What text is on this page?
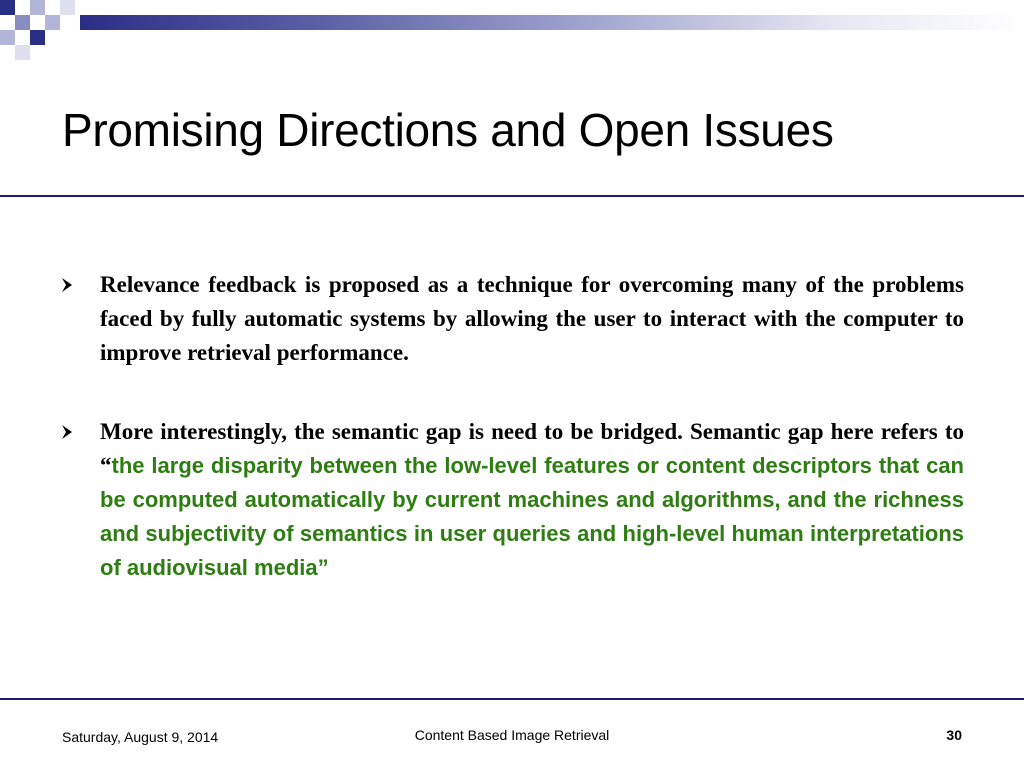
Promising Directions and Open Issues

Relevance feedback is proposed as a technique for overcoming many of the problems faced by fully automatic systems by allowing the user to interact with the computer to improve retrieval performance.

More interestingly, the semantic gap is need to be bridged. Semantic gap here refers to “the large disparity between the low-level features or content descriptors that can be computed automatically by current machines and algorithms, and the richness and subjectivity of semantics in user queries and high-level human interpretations of audiovisual media”

Saturday, August 9, 2014	Content Based Image Retrieval	30
